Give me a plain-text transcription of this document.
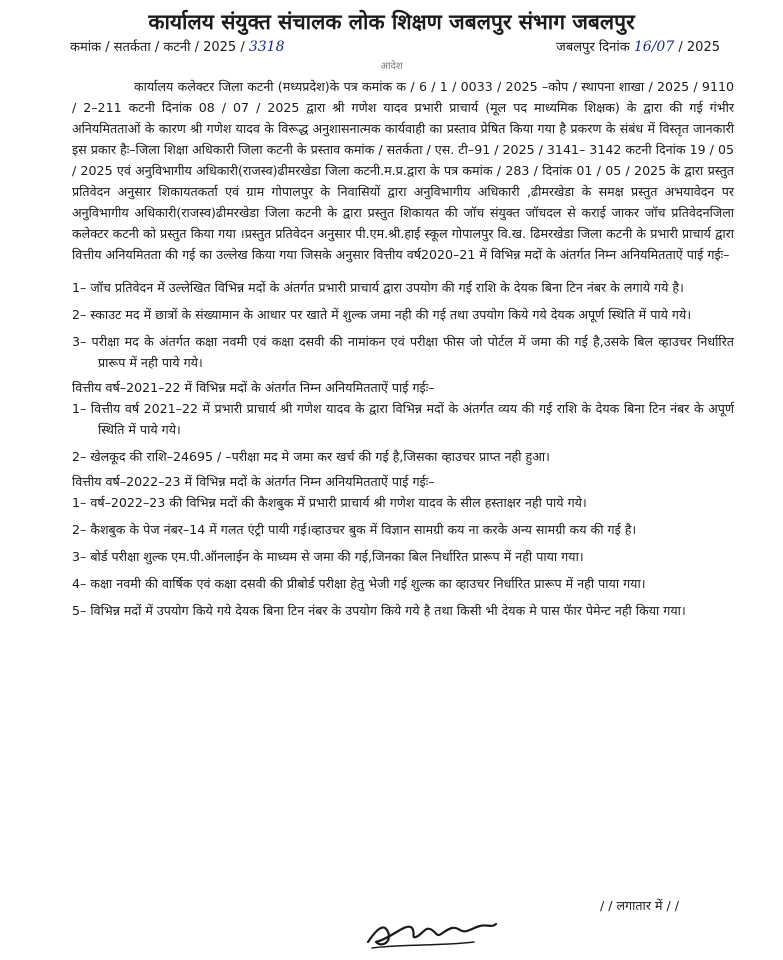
कार्यालय संयुक्त संचालक लोक शिक्षण जबलपुर संभाग जबलपुर
कमांक / सतर्कता / कटनी / 2025 / 3318	जबलपुर दिनांक 16/07 / 2025
आदेश

कार्यालय कलेक्टर जिला कटनी (मध्यप्रदेश)के पत्र कमांक क / 6 / 1 / 0033 / 2025 –कोप / स्थापना शाखा / 2025 / 9110 / 2–211 कटनी दिनांक 08 / 07 / 2025 द्वारा श्री गणेश यादव प्रभारी प्राचार्य (मूल पद माध्यमिक शिक्षक) के द्वारा की गई गंभीर अनियमितताओं के कारण श्री गणेश यादव के विरूद्ध अनुशासनात्मक कार्यवाही का प्रस्ताव प्रेषित किया गया है प्रकरण के संबंध में विस्तृत जानकारी इस प्रकार हैः–जिला शिक्षा अधिकारी जिला कटनी के प्रस्ताव कमांक / सतर्कता / एस. टी–91 / 2025 / 3141– 3142 कटनी दिनांक 19 / 05 / 2025 एवं अनुविभागीय अधिकारी(राजस्व)ढीमरखेडा जिला कटनी.म.प्र.द्वारा के पत्र कमांक / 283 / दिनांक 01 / 05 / 2025 के द्वारा प्रस्तुत प्रतिवेदन अनुसार शिकायतकर्ता एवं ग्राम गोपालपुर के निवासियों द्वारा अनुविभागीय अधिकारी ,ढीमरखेडा के समक्ष प्रस्तुत अभयावेदन पर अनुविभागीय अधिकारी(राजस्व)ढीमरखेडा जिला कटनी के द्वारा प्रस्तुत शिकायत की जॉच संयुक्त जॉचदल से कराई जाकर जॉच प्रतिवेदनजिला कलेक्टर कटनी को प्रस्तुत किया गया ।प्रस्तुत प्रतिवेदन अनुसार पी.एम.श्री.हाई स्कूल गोपालपुर वि.ख. ढिमरखेडा जिला कटनी के प्रभारी प्राचार्य द्वारा वित्तीय अनियमितता की गई का उल्लेख किया गया जिसके अनुसार वित्तीय वर्ष2020–21 में विभिन्न मदों के अंतर्गत निम्न अनियमितताऐं पाई गईः–

1– जॉच प्रतिवेदन में उल्लेखित विभिन्न मदों के अंतर्गत प्रभारी प्राचार्य द्वारा उपयोग की गई राशि के देयक बिना टिन नंबर के लगाये गये है।

2– स्काउट मद में छात्रों के संख्यामान के आधार पर खाते में शुल्क जमा नही की गई तथा उपयोग किये गये देयक अपूर्ण स्थिति में पाये गये।

3– परीक्षा मद के अंतर्गत कक्षा नवमी एवं कक्षा दसवी की नामांकन एवं परीक्षा फीस जो पोर्टल में जमा की गई है,उसके बिल व्हाउचर निर्धारित प्रारूप में नही पाये गये।

वित्तीय वर्ष–2021–22 में विभिन्न मदों के अंतर्गत निम्न अनियमितताऐं पाई गईः–

1– वित्तीय वर्ष 2021–22 में प्रभारी प्राचार्य श्री गणेश यादव के द्वारा विभिन्न मदों के अंतर्गत व्यय की गई राशि के देयक बिना टिन नंबर के अपूर्ण स्थिति में पाये गये।

2– खेलकूद की राशि–24695 / –परीक्षा मद मे जमा कर खर्च की गई है,जिसका व्हाउचर प्राप्त नही हुआ।

वित्तीय वर्ष–2022–23 में विभिन्न मदों के अंतर्गत निम्न अनियमितताऐं पाई गईः–

1– वर्ष–2022–23 की विभिन्न मदों की कैशबुक में प्रभारी प्राचार्य श्री गणेश यादव के सील हस्ताक्षर नही पाये गये।

2– कैशबुक के पेज नंबर–14 में गलत एंट्री पायी गई।व्हाउचर बुक में विज्ञान सामग्री कय ना करके अन्य सामग्री कय की गई है।

3– बोर्ड परीक्षा शुल्क एम.पी.ऑनलाईन के माध्यम से जमा की गई,जिनका बिल निर्धारित प्रारूप में नही पाया गया।

4– कक्षा नवमी की वार्षिक एवं कक्षा दसवी की प्रीबोर्ड परीक्षा हेतु भेजी गई शुल्क का व्हाउचर निर्धारित प्रारूप में नही पाया गया।

5– विभिन्न मदों में उपयोग किये गये देयक बिना टिन नंबर के उपयोग किये गये है तथा किसी भी देयक मे पास फॅार पेमेन्ट नही किया गया।

/ / लगातार में / /
